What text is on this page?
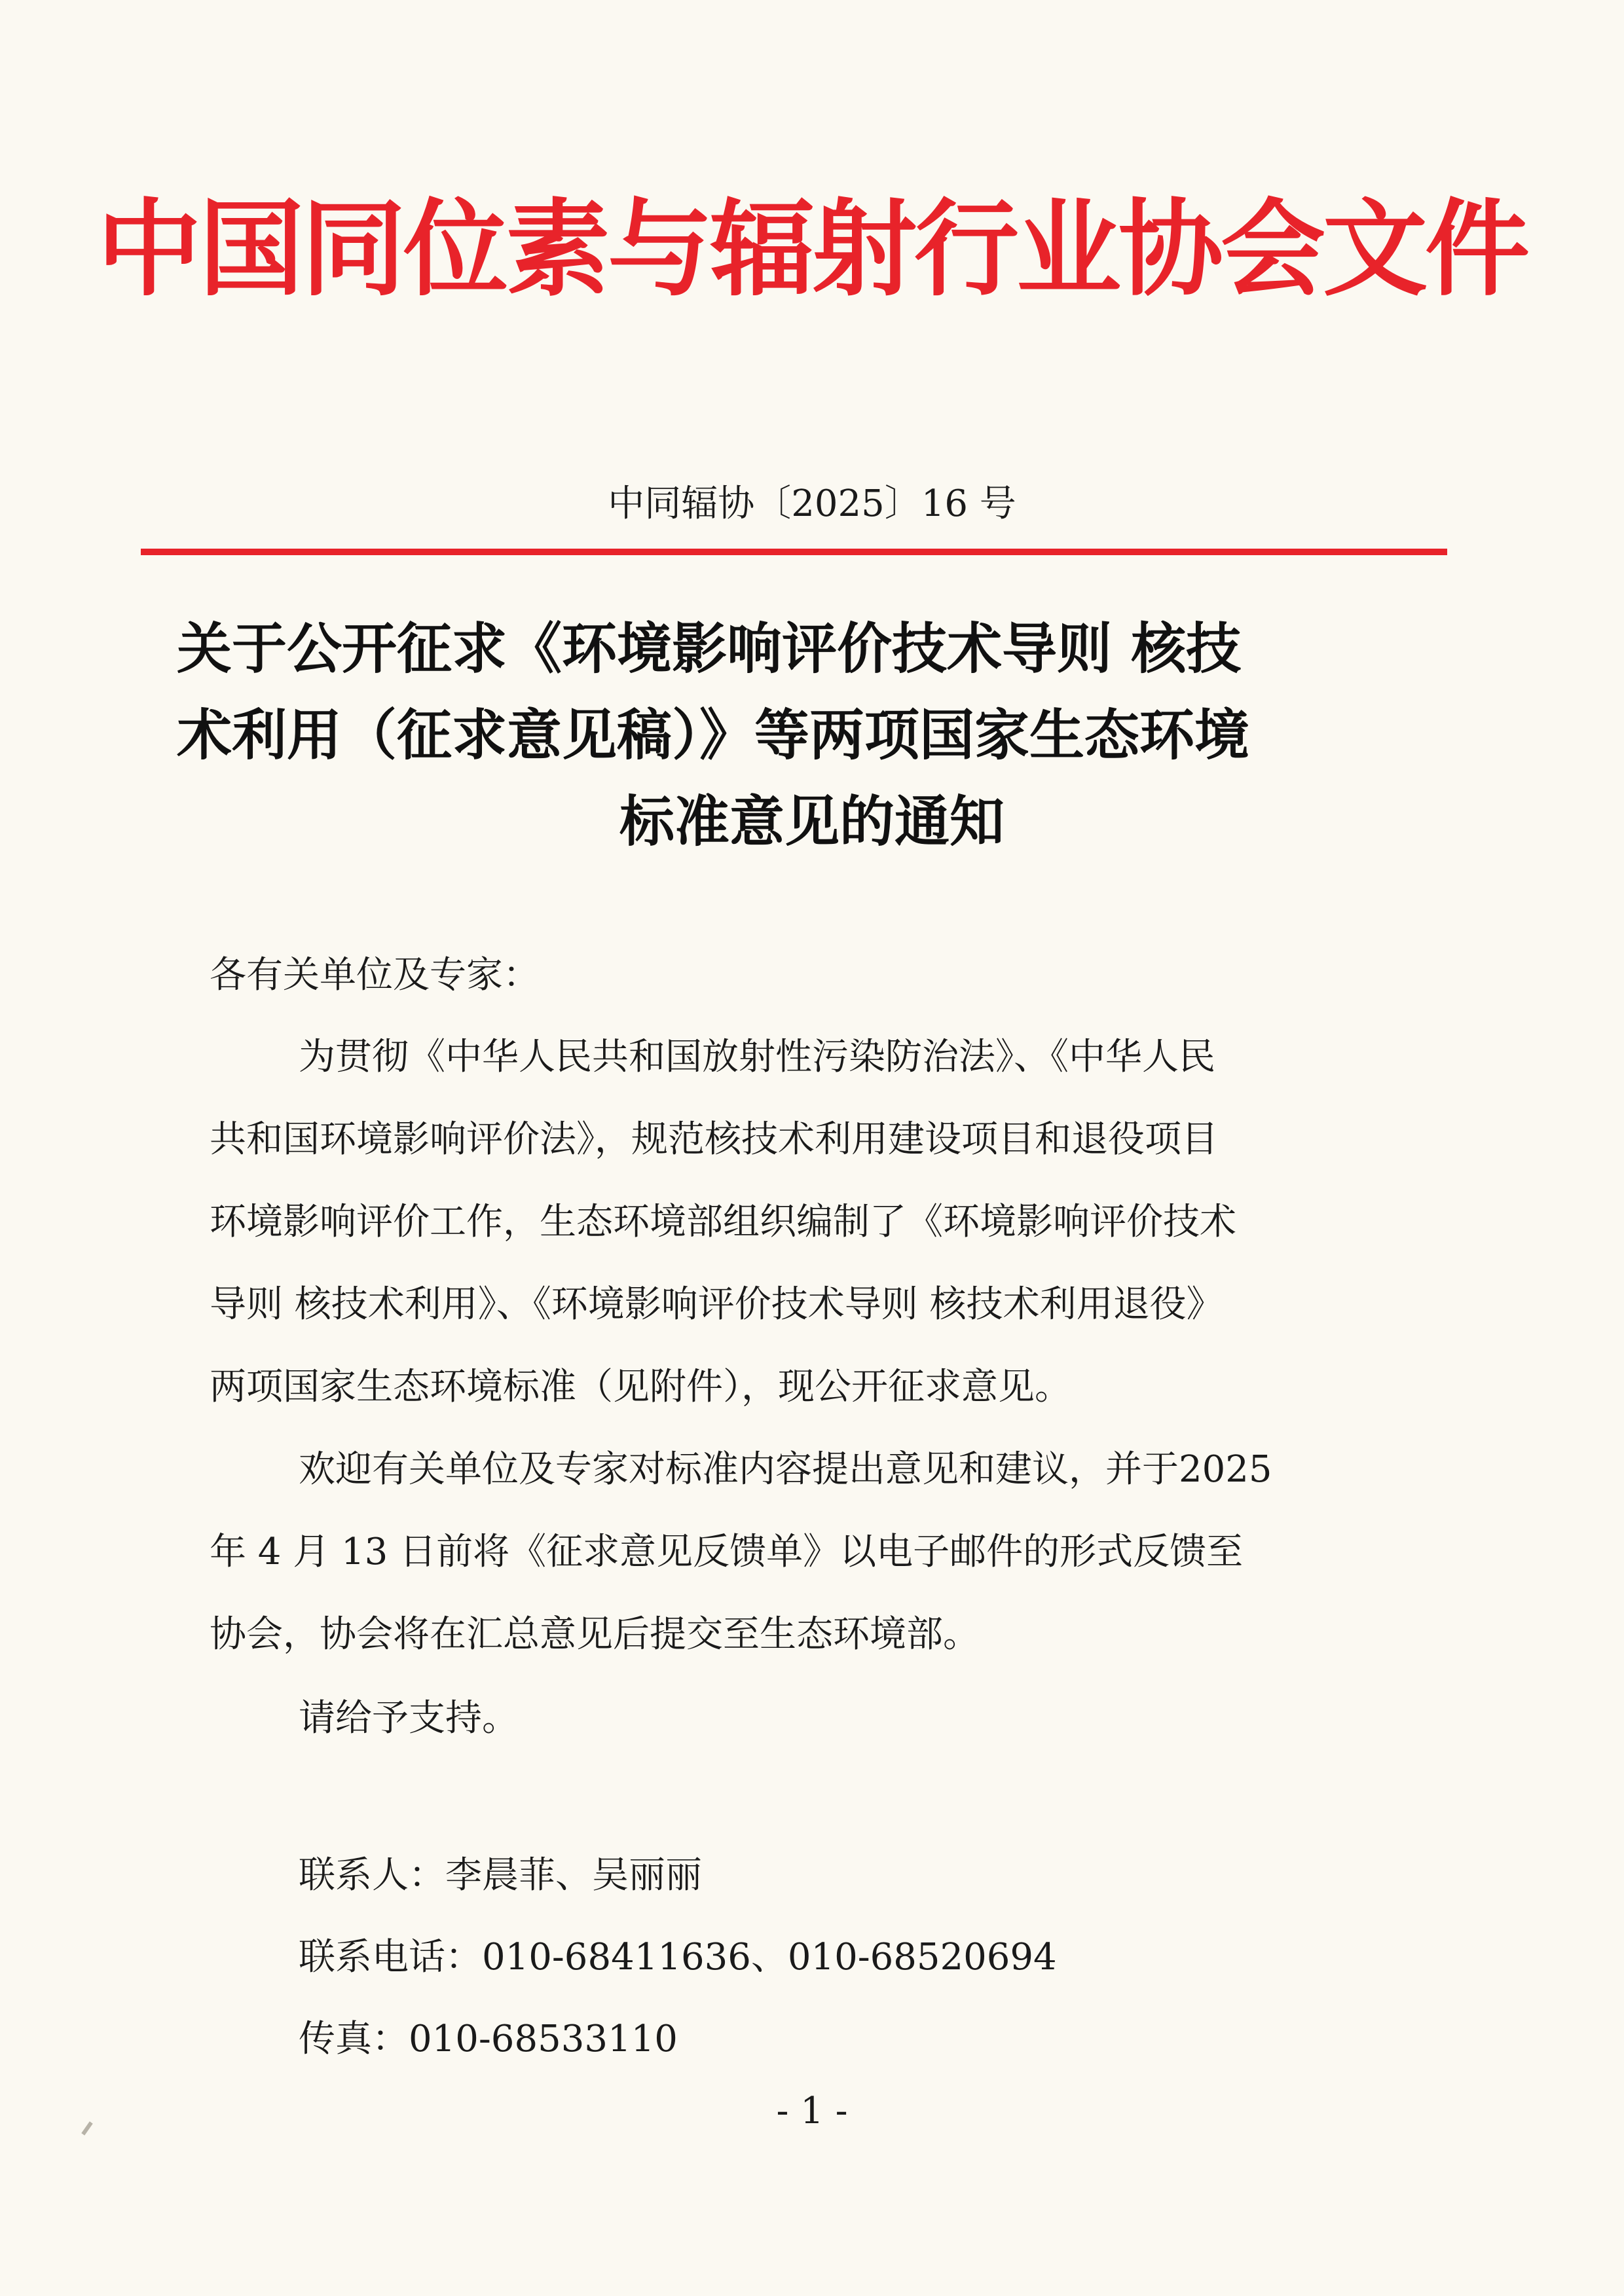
中国同位素与辐射行业协会文件
中同辐协〔2025〕16 号
关于公开征求《环境影响评价技术导则 核技
术利用（征求意见稿）》等两项国家生态环境
标准意见的通知
各有关单位及专家：
为贯彻《中华人民共和国放射性污染防治法》、《中华人民
共和国环境影响评价法》，规范核技术利用建设项目和退役项目
环境影响评价工作，生态环境部组织编制了《环境影响评价技术
导则 核技术利用》、《环境影响评价技术导则 核技术利用退役》
两项国家生态环境标准（见附件），现公开征求意见。
欢迎有关单位及专家对标准内容提出意见和建议，并于2025
年 4 月 13 日前将《征求意见反馈单》以电子邮件的形式反馈至
协会，协会将在汇总意见后提交至生态环境部。
请给予支持。
联系人：李晨菲、吴丽丽
联系电话：010-68411636、010-68520694
传真：010-68533110
- 1 -
